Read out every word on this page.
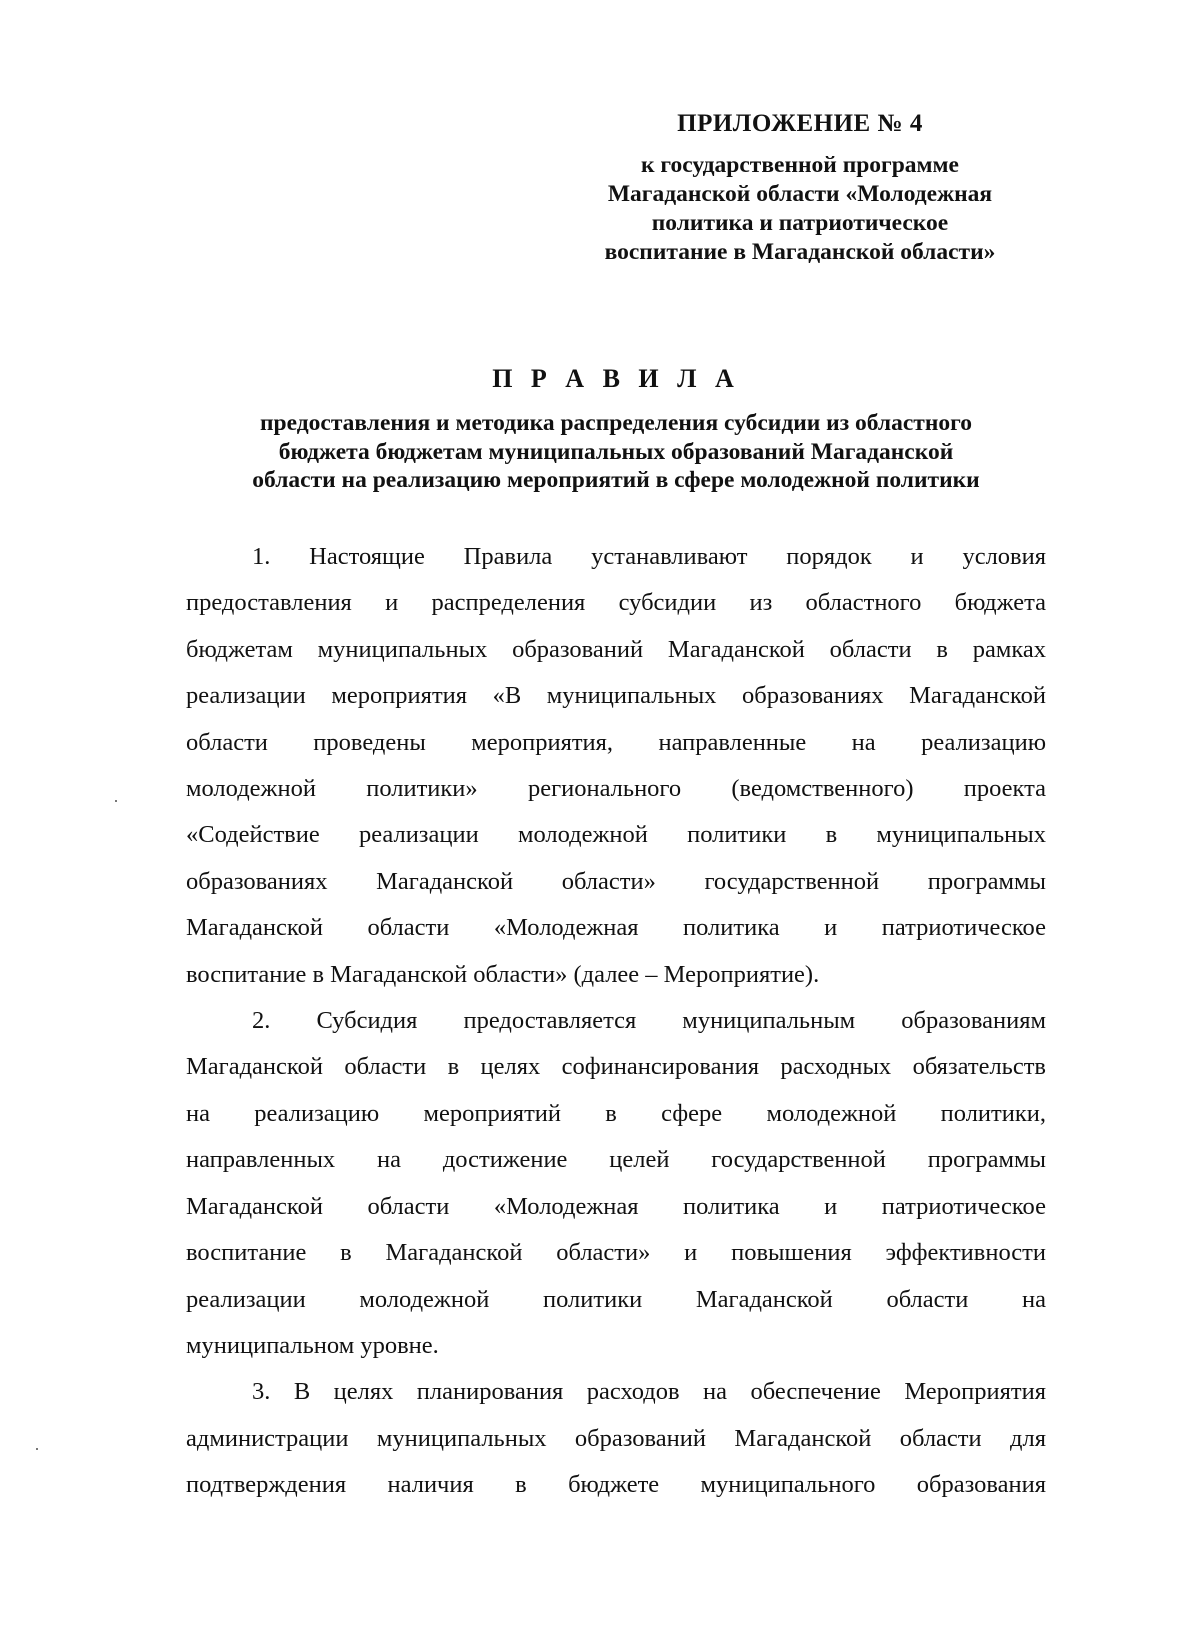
ПРИЛОЖЕНИЕ № 4
к государственной программе
Магаданской области «Молодежная
политика и патриотическое
воспитание в Магаданской области»
П Р А В И Л А
предоставления и методика распределения субсидии из областного
бюджета бюджетам муниципальных образований Магаданской
области на реализацию мероприятий в сфере молодежной политики
1. Настоящие Правила устанавливают порядок и условия
предоставления и распределения субсидии из областного бюджета
бюджетам муниципальных образований Магаданской области в рамках
реализации мероприятия «В муниципальных образованиях Магаданской
области проведены мероприятия, направленные на реализацию
молодежной политики» регионального (ведомственного) проекта
«Содействие реализации молодежной политики в муниципальных
образованиях Магаданской области» государственной программы
Магаданской области «Молодежная политика и патриотическое
воспитание в Магаданской области» (далее – Мероприятие).
2. Субсидия предоставляется муниципальным образованиям
Магаданской области в целях софинансирования расходных обязательств
на реализацию мероприятий в сфере молодежной политики,
направленных на достижение целей государственной программы
Магаданской области «Молодежная политика и патриотическое
воспитание в Магаданской области» и повышения эффективности
реализации молодежной политики Магаданской области на
муниципальном уровне.
3. В целях планирования расходов на обеспечение Мероприятия
администрации муниципальных образований Магаданской области для
подтверждения наличия в бюджете муниципального образования
